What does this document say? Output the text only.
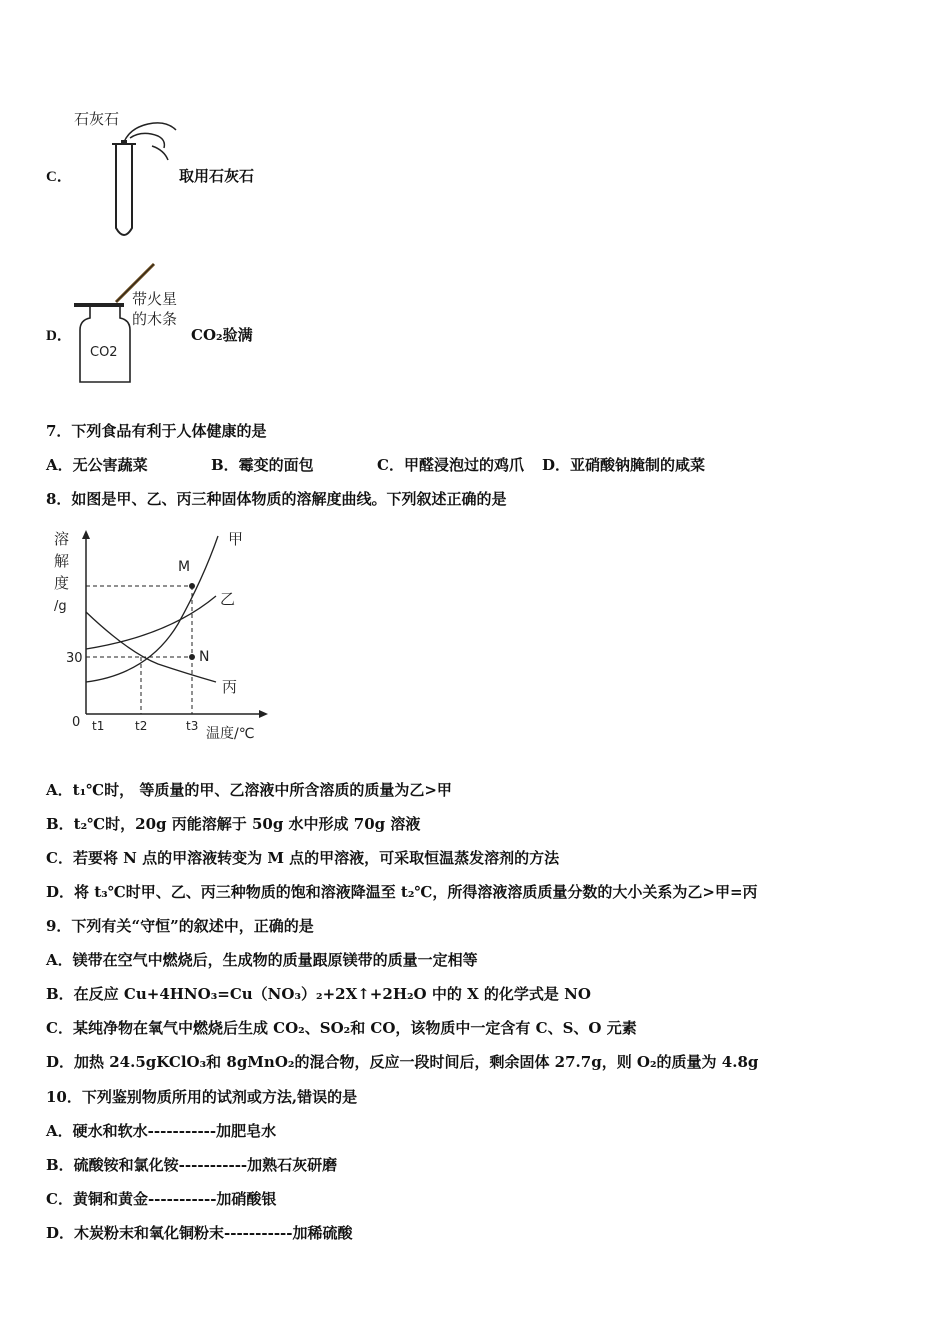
C．
石灰石
取用石灰石
D．
CO2
带火星
的木条
CO₂验满
7．下列食品有利于人体健康的是
A．无公害蔬菜	B．霉变的面包	C．甲醛浸泡过的鸡爪 D．亚硝酸钠腌制的咸菜
8．如图是甲、乙、丙三种固体物质的溶解度曲线。下列叙述正确的是
溶
解
度
/g
M
N
甲
乙
丙
30
0 t1	t2	t3 温度/℃
A．t₁℃时， 等质量的甲、乙溶液中所含溶质的质量为乙>甲
B．t₂℃时，20g 丙能溶解于 50g 水中形成 70g 溶液
C．若要将 N 点的甲溶液转变为 M 点的甲溶液，可采取恒温蒸发溶剂的方法
D．将 t₃℃时甲、乙、丙三种物质的饱和溶液降温至 t₂℃，所得溶液溶质质量分数的大小关系为乙>甲=丙
9．下列有关“守恒”的叙述中，正确的是
A．镁带在空气中燃烧后，生成物的质量跟原镁带的质量一定相等
B．在反应 Cu+4HNO₃=Cu（NO₃）₂+2X↑+2H₂O 中的 X 的化学式是 NO
C．某纯净物在氧气中燃烧后生成 CO₂、SO₂和 CO，该物质中一定含有 C、S、O 元素
D．加热 24.5gKClO₃和 8gMnO₂的混合物，反应一段时间后，剩余固体 27.7g，则 O₂的质量为 4.8g
10．下列鉴别物质所用的试剂或方法,错误的是
A．硬水和软水-----------加肥皂水
B．硫酸铵和氯化铵-----------加熟石灰研磨
C．黄铜和黄金-----------加硝酸银
D．木炭粉末和氧化铜粉末-----------加稀硫酸
